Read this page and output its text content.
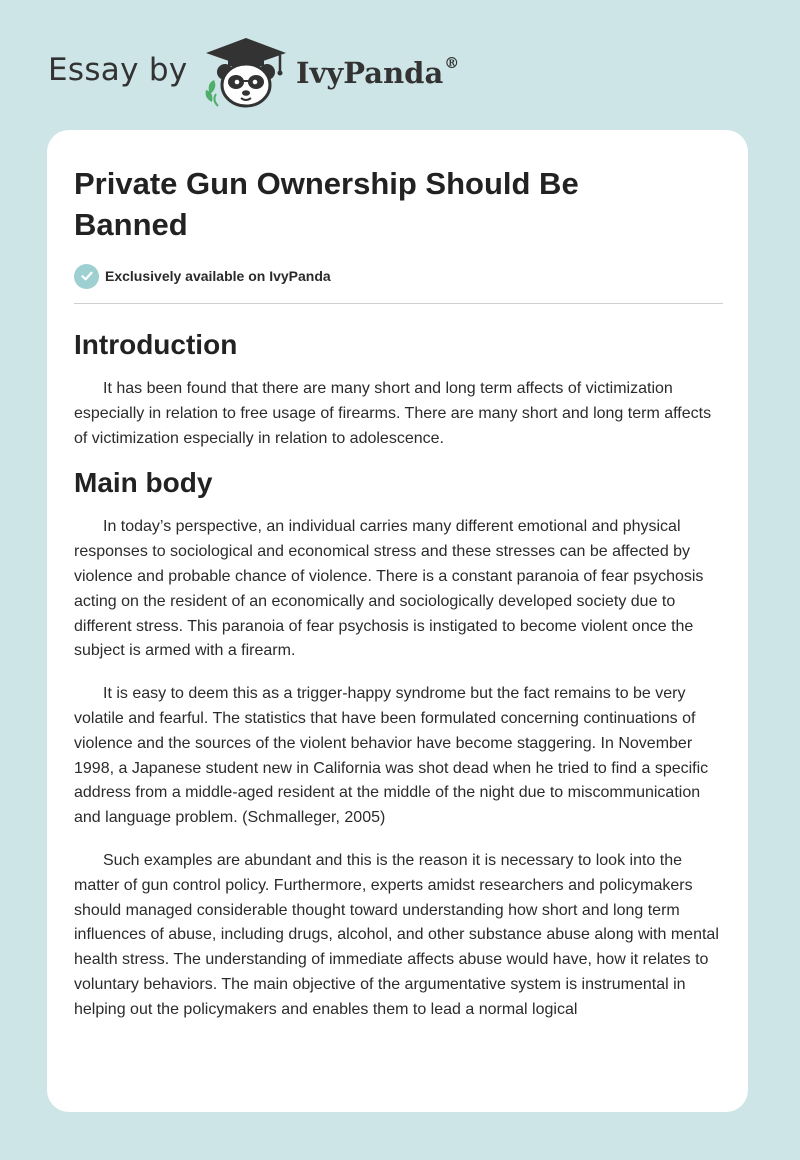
Essay by	IvyPanda®
Private Gun Ownership Should Be Banned
Exclusively available on IvyPanda
Introduction

It has been found that there are many short and long term affects of victimization especially in relation to free usage of firearms. There are many short and long term affects of victimization especially in relation to adolescence.

Main body

In today’s perspective, an individual carries many different emotional and physical responses to sociological and economical stress and these stresses can be affected by violence and probable chance of violence. There is a constant paranoia of fear psychosis acting on the resident of an economically and sociologically developed society due to different stress. This paranoia of fear psychosis is instigated to become violent once the subject is armed with a firearm.

It is easy to deem this as a trigger-happy syndrome but the fact remains to be very volatile and fearful. The statistics that have been formulated concerning continuations of violence and the sources of the violent behavior have become staggering. In November 1998, a Japanese student new in California was shot dead when he tried to find a specific address from a middle-aged resident at the middle of the night due to miscommunication and language problem. (Schmalleger, 2005)

Such examples are abundant and this is the reason it is necessary to look into the matter of gun control policy. Furthermore, experts amidst researchers and policymakers should managed considerable thought toward understanding how short and long term influences of abuse, including drugs, alcohol, and other substance abuse along with mental health stress. The understanding of immediate affects abuse would have, how it relates to voluntary behaviors. The main objective of the argumentative system is instrumental in helping out the policymakers and enables them to lead a normal logical
